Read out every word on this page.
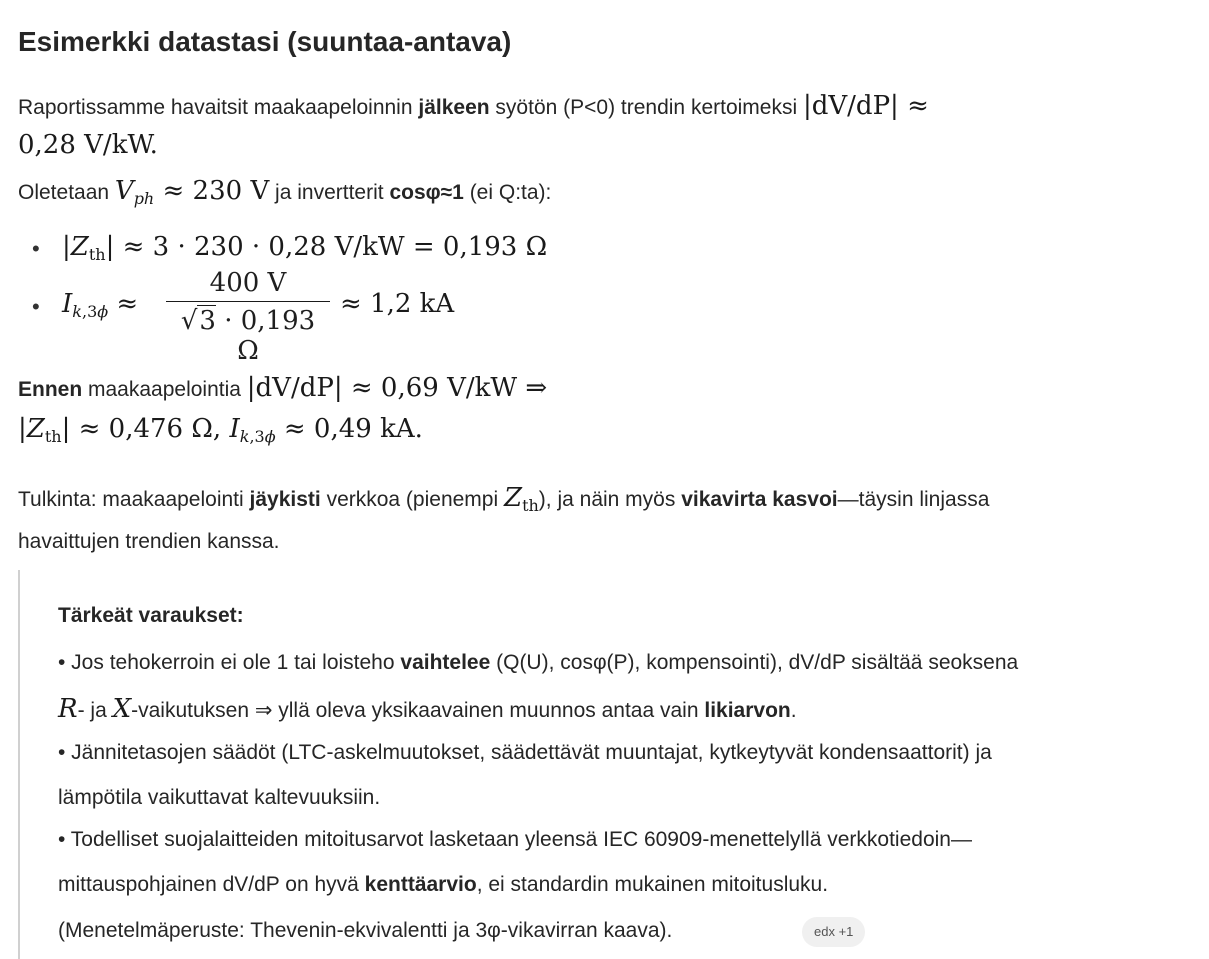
Esimerkki datastasi (suuntaa-antava)
Raportissamme havaitsit maakaapeloinnin jälkeen syötön (P<0) trendin kertoimeksi |dV/dP| ≈
0,28 V/kW.
Oletetaan $V_{ph} \approx 230$ V ja invertterit cosφ≈1 (ei Q:ta):
• $|Z_{th}| \approx 3 \cdot 230 \cdot 0,28$ V/kW = 0,193 Ω
• $I_{k,3\phi}$ ≈
400 V
√3 · 0,193 Ω
≈ 1,2 kA
Ennen maakaapelointia |dV/dP| ≈ 0,69 V/kW ⇒
$|Z_{th}| \approx 0,476$ Ω, $I_{k,3\phi} \approx 0,49$ kA.
Tulkinta: maakaapelointi jäykisti verkkoa (pienempi $Z_{th}$), ja näin myös vikavirta kasvoi—täysin linjassa
havaittujen trendien kanssa.
Tärkeät varaukset:
• Jos tehokerroin ei ole 1 tai loisteho vaihtelee (Q(U), cosφ(P), kompensointi), dV/dP sisältää seoksena
R- ja X-vaikutuksen ⇒ yllä oleva yksikaavainen muunnos antaa vain likiarvon.
• Jännitetasojen säädöt (LTC-askelmuutokset, säädettävät muuntajat, kytkeytyvät kondensaattorit) ja
lämpötila vaikuttavat kaltevuuksiin.
• Todelliset suojalaitteiden mitoitusarvot lasketaan yleensä IEC 60909-menettelyllä verkkotiedoin—
mittauspohjainen dV/dP on hyvä kenttäarvio, ei standardin mukainen mitoitusluku.
(Menetelmäperuste: Thevenin-ekvivalentti ja 3φ-vikavirran kaava).	edx +1
